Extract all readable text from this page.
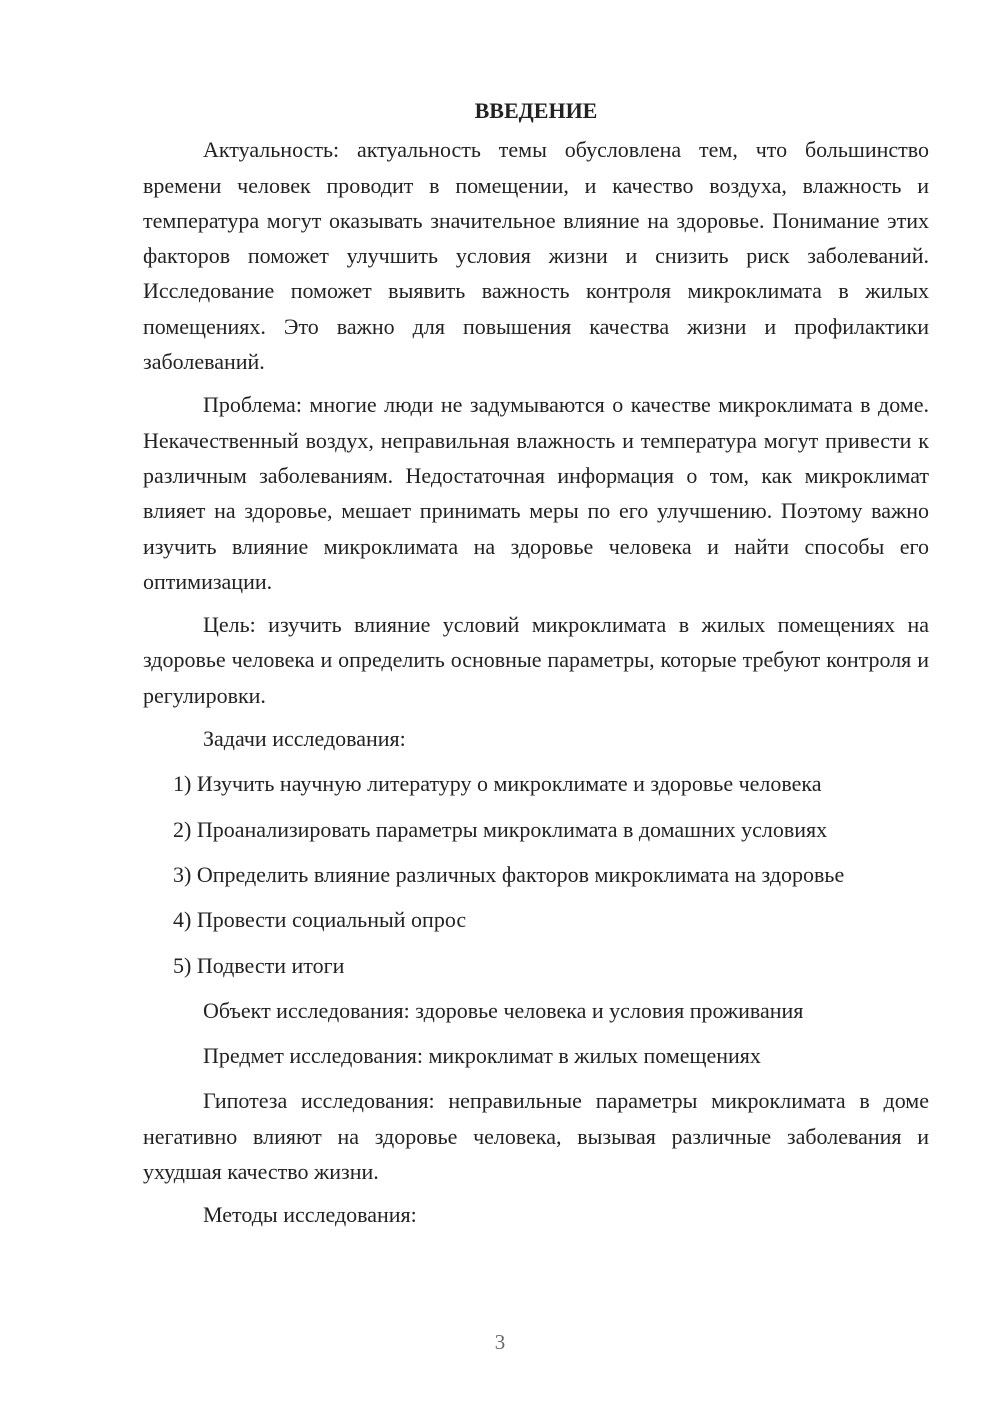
ВВЕДЕНИЕ

Актуальность: актуальность темы обусловлена тем, что большинство времени человек проводит в помещении, и качество воздуха, влажность и температура могут оказывать значительное влияние на здоровье. Понимание этих факторов поможет улучшить условия жизни и снизить риск заболеваний. Исследование поможет выявить важность контроля микроклимата в жилых помещениях. Это важно для повышения качества жизни и профилактики заболеваний.

Проблема: многие люди не задумываются о качестве микроклимата в доме. Некачественный воздух, неправильная влажность и температура могут привести к различным заболеваниям. Недостаточная информация о том, как микроклимат влияет на здоровье, мешает принимать меры по его улучшению. Поэтому важно изучить влияние микроклимата на здоровье человека и найти способы его оптимизации.

Цель: изучить влияние условий микроклимата в жилых помещениях на здоровье человека и определить основные параметры, которые требуют контроля и регулировки.

Задачи исследования:

1) Изучить научную литературу о микроклимате и здоровье человека

2) Проанализировать параметры микроклимата в домашних условиях

3) Определить влияние различных факторов микроклимата на здоровье

4) Провести социальный опрос

5) Подвести итоги

Объект исследования: здоровье человека и условия проживания

Предмет исследования: микроклимат в жилых помещениях

Гипотеза исследования: неправильные параметры микроклимата в доме негативно влияют на здоровье человека, вызывая различные заболевания и ухудшая качество жизни.

Методы исследования:

3
